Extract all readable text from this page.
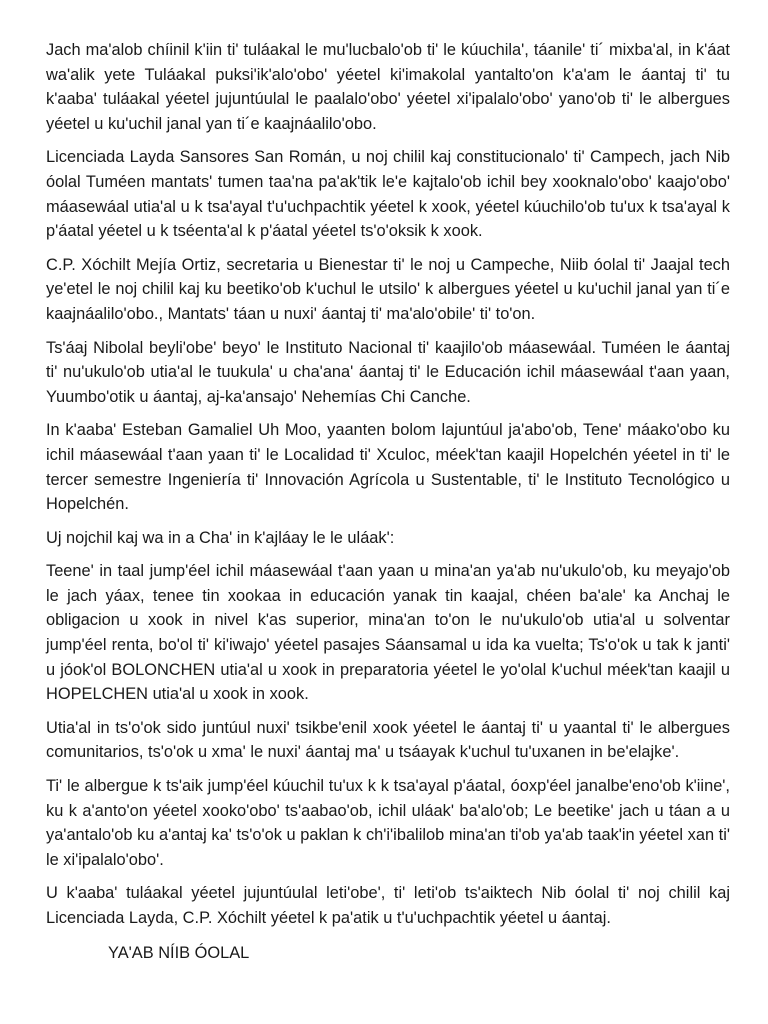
Jach ma'alob chíinil k'iin ti' tuláakal le mu'lucbalo'ob ti' le kúuchila', táanile' ti´ mixba'al, in k'áat wa'alik yete Tuláakal puksi'ik'alo'obo' yéetel ki'imakolal yantalto'on k'a'am le áantaj ti' tu k'aaba' tuláakal yéetel jujuntúulal le paalalo'obo' yéetel xi'ipalalo'obo' yano'ob ti' le albergues yéetel u ku'uchil janal yan ti´e kaajnáalilo'obo.

Licenciada Layda Sansores San Román, u noj chilil kaj constitucionalo' ti' Campech, jach Nib óolal Tuméen mantats' tumen taa'na pa'ak'tik le'e kajtalo'ob ichil bey xooknalo'obo' kaajo'obo' máasewáal utia'al u k tsa'ayal t'u'uchpachtik yéetel k xook, yéetel kúuchilo'ob tu'ux k tsa'ayal k p'áatal yéetel u k tséenta'al k p'áatal yéetel ts'o'oksik k xook.

C.P. Xóchilt Mejía Ortiz, secretaria u Bienestar ti' le noj u Campeche, Niib óolal ti' Jaajal tech ye'etel le noj chilil kaj ku beetiko'ob k'uchul le utsilo' k albergues yéetel u ku'uchil janal yan ti´e kaajnáalilo'obo., Mantats' táan u nuxi' áantaj ti' ma'alo'obile' ti' to'on.

Ts'áaj Nibolal beyli'obe' beyo' le Instituto Nacional ti' kaajilo'ob máasewáal. Tuméen le áantaj ti' nu'ukulo'ob utia'al le tuukula' u cha'ana' áantaj ti' le Educación ichil máasewáal t'aan yaan, Yuumbo'otik u áantaj, aj-ka'ansajo' Nehemías Chi Canche.

In k'aaba' Esteban Gamaliel Uh Moo, yaanten bolom lajuntúul ja'abo'ob, Tene' máako'obo ku ichil máasewáal t'aan yaan ti' le Localidad ti' Xculoc, méek'tan kaajil Hopelchén yéetel in ti' le tercer semestre Ingeniería ti' Innovación Agrícola u Sustentable, ti' le Instituto Tecnológico u Hopelchén.

Uj nojchil kaj wa in a Cha' in k'ajláay le le uláak':

Teene' in taal jump'éel ichil máasewáal t'aan yaan u mina'an ya'ab nu'ukulo'ob, ku meyajo'ob le jach yáax, tenee tin xookaa in educación yanak tin kaajal, chéen ba'ale' ka Anchaj le obligacion u xook in nivel k'as superior, mina'an to'on le nu'ukulo'ob utia'al u solventar jump'éel renta, bo'ol ti' ki'iwajo' yéetel pasajes Sáansamal u ida ka vuelta; Ts'o'ok u tak k janti' u jóok'ol BOLONCHEN utia'al u xook in preparatoria yéetel le yo'olal k'uchul méek'tan kaajil u HOPELCHEN utia'al u xook in xook.

Utia'al in ts'o'ok sido juntúul nuxi' tsikbe'enil xook yéetel le áantaj ti' u yaantal ti' le albergues comunitarios, ts'o'ok u xma' le nuxi' áantaj ma' u tsáayak k'uchul tu'uxanen in be'elajke'.

Ti' le albergue k ts'aik jump'éel kúuchil tu'ux k k tsa'ayal p'áatal, óoxp'éel janalbe'eno'ob k'iine', ku k a'anto'on yéetel xooko'obo' ts'aabao'ob, ichil uláak' ba'alo'ob; Le beetike' jach u táan a u ya'antalo'ob ku a'antaj ka' ts'o'ok u paklan k ch'i'ibalilob mina'an ti'ob ya'ab taak'in yéetel xan ti' le xi'ipalalo'obo'.

U k'aaba' tuláakal yéetel jujuntúulal leti'obe', ti' leti'ob ts'aiktech Nib óolal ti' noj chilil kaj Licenciada Layda, C.P. Xóchilt yéetel k pa'atik u t'u'uchpachtik yéetel u áantaj.

YA'AB NÍIB ÓOLAL
